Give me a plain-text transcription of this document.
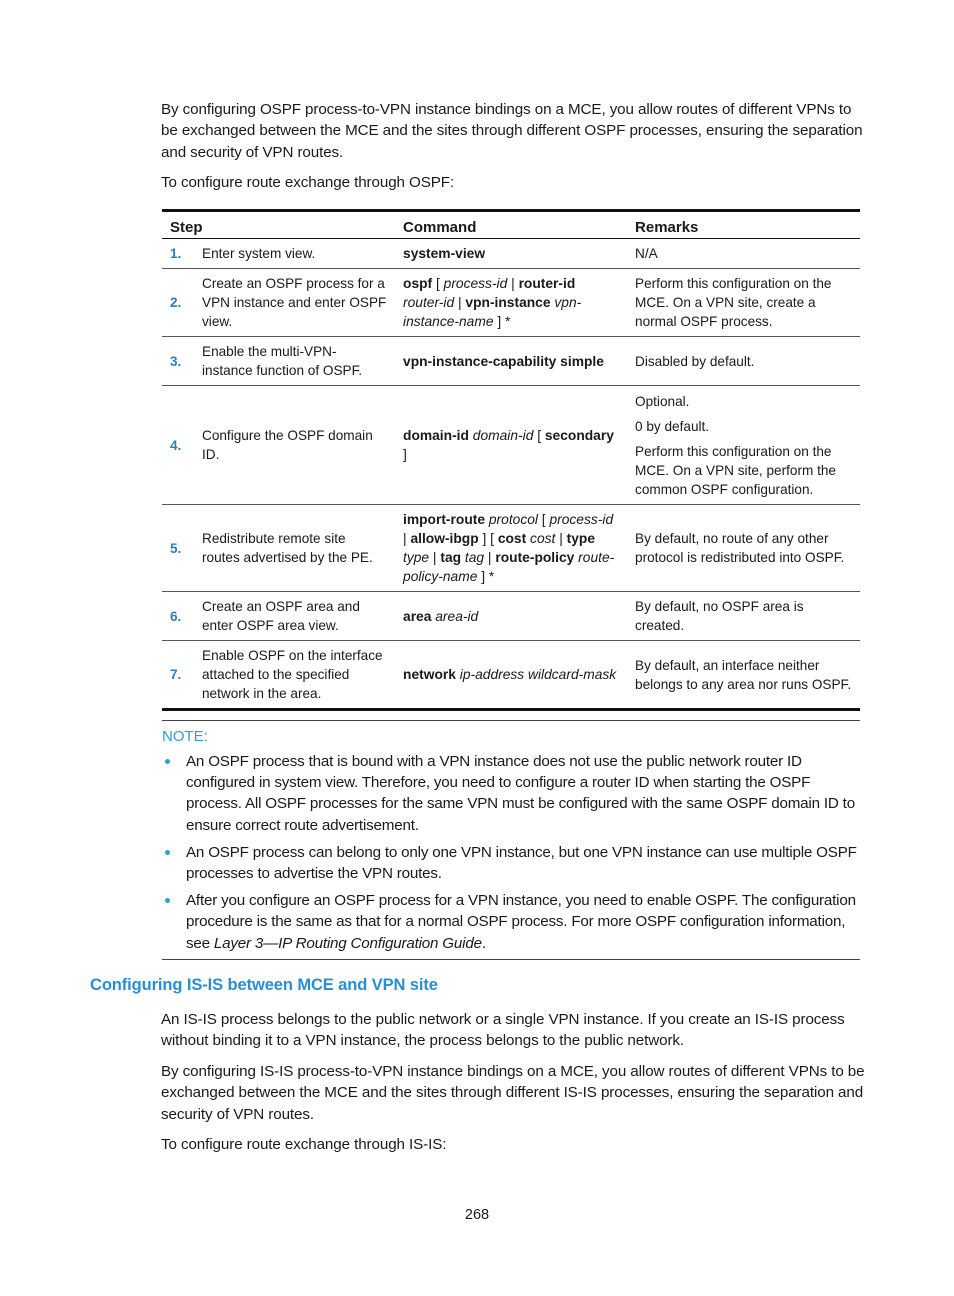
By configuring OSPF process-to-VPN instance bindings on a MCE, you allow routes of different VPNs to be exchanged between the MCE and the sites through different OSPF processes, ensuring the separation and security of VPN routes.

To configure route exchange through OSPF:

Step		Command	Remarks
1.	Enter system view.	system-view	N/A

2.	Create an OSPF process for a VPN instance and enter OSPF view.	ospf [ process-id | router-id router-id | vpn-instance vpn-instance-name ] *	Perform this configuration on the MCE. On a VPN site, create a normal OSPF process.

3.	Enable the multi-VPN-instance function of OSPF.	vpn-instance-capability simple	Disabled by default.

4.	Configure the OSPF domain ID.	domain-id domain-id [ secondary ]	Optional.
0 by default.
Perform this configuration on the MCE. On a VPN site, perform the common OSPF configuration.

5.	Redistribute remote site routes advertised by the PE.	import-route protocol [ process-id | allow-ibgp ] [ cost cost | type type | tag tag | route-policy route-policy-name ] *	By default, no route of any other protocol is redistributed into OSPF.

6.	Create an OSPF area and enter OSPF area view.	area area-id	By default, no OSPF area is created.

7.	Enable OSPF on the interface attached to the specified network in the area.	network ip-address wildcard-mask	By default, an interface neither belongs to any area nor runs OSPF.
NOTE:
An OSPF process that is bound with a VPN instance does not use the public network router ID configured in system view. Therefore, you need to configure a router ID when starting the OSPF process. All OSPF processes for the same VPN must be configured with the same OSPF domain ID to ensure correct route advertisement.
An OSPF process can belong to only one VPN instance, but one VPN instance can use multiple OSPF processes to advertise the VPN routes.
After you configure an OSPF process for a VPN instance, you need to enable OSPF. The configuration procedure is the same as that for a normal OSPF process. For more OSPF configuration information, see Layer 3—IP Routing Configuration Guide.
Configuring IS-IS between MCE and VPN site

An IS-IS process belongs to the public network or a single VPN instance. If you create an IS-IS process without binding it to a VPN instance, the process belongs to the public network.

By configuring IS-IS process-to-VPN instance bindings on a MCE, you allow routes of different VPNs to be exchanged between the MCE and the sites through different IS-IS processes, ensuring the separation and security of VPN routes.

To configure route exchange through IS-IS:

268
